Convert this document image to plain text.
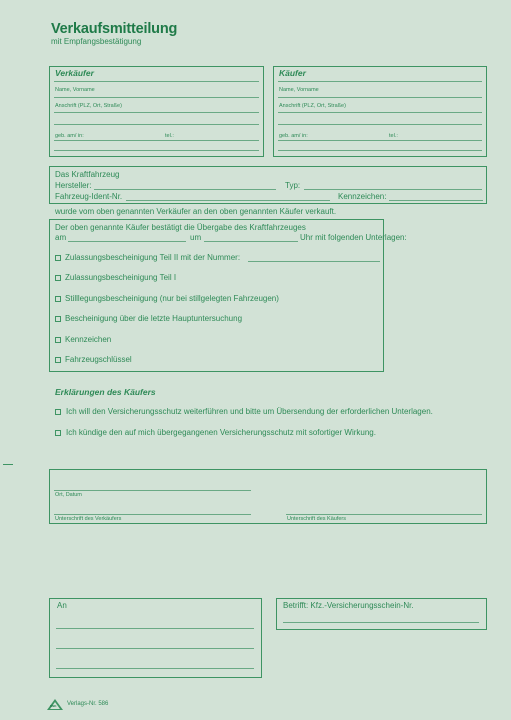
Verkaufsmitteilung
mit Empfangsbestätigung
Verkäufer
Name, Vorname
Anschrift (PLZ, Ort, Straße)
geb. am/ in:	tel.:
Käufer
Name, Vorname
Anschrift (PLZ, Ort, Straße)
geb. am/ in:	tel.:
Das Kraftfahrzeug
Hersteller:	Typ:
Fahrzeug-Ident-Nr.	Kennzeichen:
wurde vom oben genannten Verkäufer an den oben genannten Käufer verkauft.
Der oben genannte Käufer bestätigt die Übergabe des Kraftfahrzeuges
am	um	Uhr mit folgenden Unterlagen:
Zulassungsbescheinigung Teil II mit der Nummer:
Zulassungsbescheinigung Teil I
Stilllegungsbescheinigung (nur bei stillgelegten Fahrzeugen)
Bescheinigung über die letzte Hauptuntersuchung
Kennzeichen
Fahrzeugschlüssel
Erklärungen des Käufers
Ich will den Versicherungsschutz weiterführen und bitte um Übersendung der erforderlichen Unterlagen.
Ich kündige den auf mich übergegangenen Versicherungsschutz mit sofortiger Wirkung.
Ort, Datum
Unterschrift des Verkäufers	Unterschrift des Käufers
An	Betrifft: Kfz.-Versicherungsschein-Nr.
RNK Verlags-Nr. 586
